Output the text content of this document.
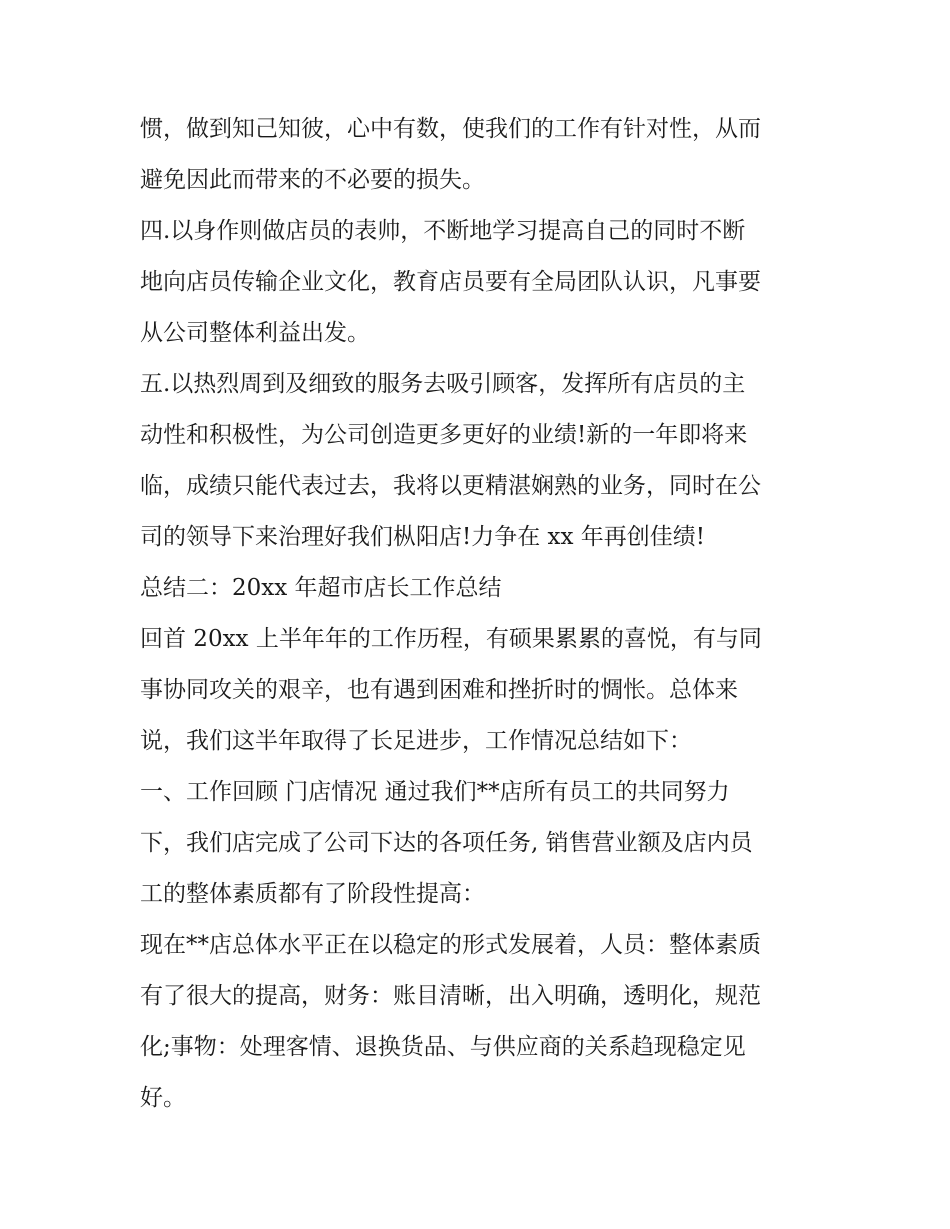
惯，做到知己知彼，心中有数，使我们的工作有针对性，从而
避免因此而带来的不必要的损失。
四.以身作则做店员的表帅，不断地学习提高自己的同时不断
地向店员传输企业文化，教育店员要有全局团队认识，凡事要
从公司整体利益出发。
五.以热烈周到及细致的服务去吸引顾客，发挥所有店员的主
动性和积极性，为公司创造更多更好的业绩!新的一年即将来
临，成绩只能代表过去，我将以更精湛娴熟的业务，同时在公
司的领导下来治理好我们枞阳店!力争在 xx 年再创佳绩!
总结二：20xx 年超市店长工作总结
回首 20xx 上半年年的工作历程，有硕果累累的喜悦，有与同
事协同攻关的艰辛，也有遇到困难和挫折时的惆怅。总体来
说，我们这半年取得了长足进步，工作情况总结如下：
一、工作回顾 门店情况 通过我们**店所有员工的共同努力
下，我们店完成了公司下达的各项任务, 销售营业额及店内员
工的整体素质都有了阶段性提高：
现在**店总体水平正在以稳定的形式发展着，人员：整体素质
有了很大的提高，财务：账目清晰，出入明确，透明化，规范
化;事物：处理客情、退换货品、与供应商的关系趋现稳定见
好。
